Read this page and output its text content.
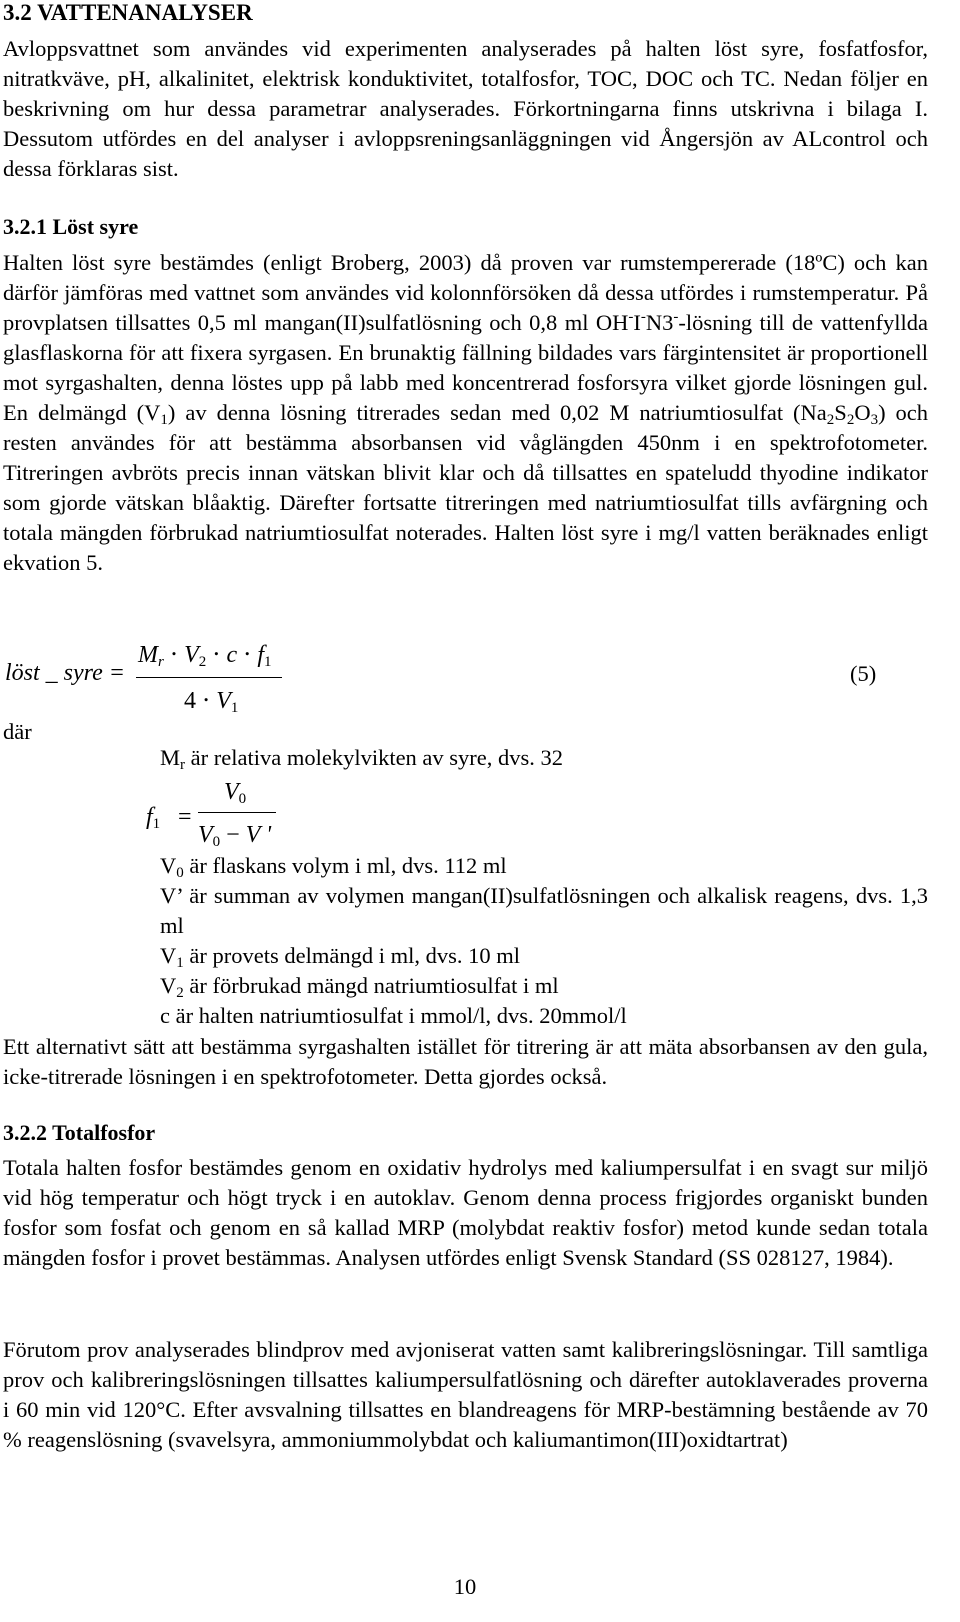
3.2 VATTENANALYSER

Avloppsvattnet som användes vid experimenten analyserades på halten löst syre, fosfatfosfor, nitratkväve, pH, alkalinitet, elektrisk konduktivitet, totalfosfor, TOC, DOC och TC. Nedan följer en beskrivning om hur dessa parametrar analyserades. Förkortningarna finns utskrivna i bilaga I. Dessutom utfördes en del analyser i avloppsreningsanläggningen vid Ångersjön av ALcontrol och dessa förklaras sist.

3.2.1 Löst syre

Halten löst syre bestämdes (enligt Broberg, 2003) då proven var rumstempererade (18ºC) och kan därför jämföras med vattnet som användes vid kolonnförsöken då dessa utfördes i rumstemperatur. På provplatsen tillsattes 0,5 ml mangan(II)sulfatlösning och 0,8 ml OH-I-N3--lösning till de vattenfyllda glasflaskorna för att fixera syrgasen. En brunaktig fällning bildades vars färgintensitet är proportionell mot syrgashalten, denna löstes upp på labb med koncentrerad fosforsyra vilket gjorde lösningen gul. En delmängd $(V_1)$ av denna lösning titrerades sedan med 0,02 M natriumtiosulfat $(Na_2S_2O_3)$ och resten användes för att bestämma absorbansen vid våglängden 450nm i en spektrofotometer. Titreringen avbröts precis innan vätskan blivit klar och då tillsattes en spateludd thyodine indikator som gjorde vätskan blåaktig. Därefter fortsatte titreringen med natriumtiosulfat tills avfärgning och totala mängden förbrukad natriumtiosulfat noterades. Halten löst syre i mg/l vatten beräknades enligt ekvation 5.

löst _ syre =
$M_r \cdot V_2 \cdot c \cdot f_1$
$4 \cdot V_1$
(5)
där
$M_r$ är relativa molekylvikten av syre, dvs. 32
$f_1$ =
$V_0$
$V_0 - V$ '
$V_0$ är flaskans volym i ml, dvs. 112 ml

V’ är summan av volymen mangan(II)sulfatlösningen och alkalisk reagens, dvs. 1,3 ml

$V_1$ är provets delmängd i ml, dvs. 10 ml
$V_2$ är förbrukad mängd natriumtiosulfat i ml
c är halten natriumtiosulfat i mmol/l, dvs. 20mmol/l

Ett alternativt sätt att bestämma syrgashalten istället för titrering är att mäta absorbansen av den gula, icke-titrerade lösningen i en spektrofotometer. Detta gjordes också.

3.2.2 Totalfosfor

Totala halten fosfor bestämdes genom en oxidativ hydrolys med kaliumpersulfat i en svagt sur miljö vid hög temperatur och högt tryck i en autoklav. Genom denna process frigjordes organiskt bunden fosfor som fosfat och genom en så kallad MRP (molybdat reaktiv fosfor) metod kunde sedan totala mängden fosfor i provet bestämmas. Analysen utfördes enligt Svensk Standard (SS 028127, 1984).

Förutom prov analyserades blindprov med avjoniserat vatten samt kalibreringslösningar. Till samtliga prov och kalibreringslösningen tillsattes kaliumpersulfatlösning och därefter autoklaverades proverna i 60 min vid 120°C. Efter avsvalning tillsattes en blandreagens för MRP-bestämning bestående av 70 % reagenslösning (svavelsyra, ammoniummolybdat och kaliumantimon(III)oxidtartrat)

10
